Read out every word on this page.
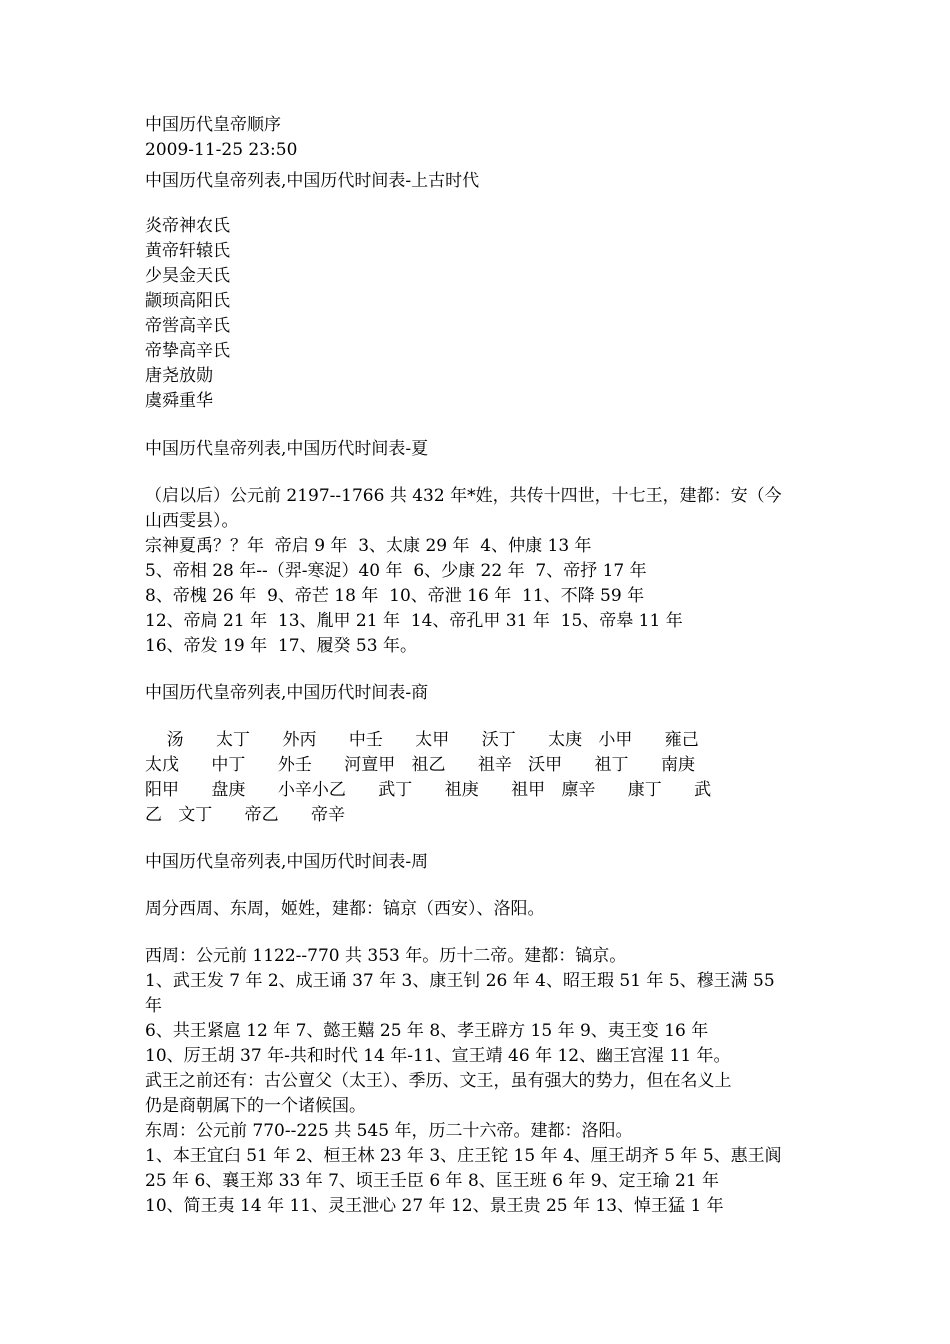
中国历代皇帝顺序

2009-11-25 23:50

中国历代皇帝列表,中国历代时间表-上古时代

炎帝神农氏

黄帝轩辕氏

少昊金天氏

颛顼高阳氏

帝喾高辛氏

帝挚高辛氏

唐尧放勋

虞舜重华

中国历代皇帝列表,中国历代时间表-夏

（启以后）公元前 2197--1766 共 432 年*姓，共传十四世，十七王，建都：安（今

山西雯县）。

宗神夏禹？？年  帝启 9 年  3、太康 29 年  4、仲康 13 年

5、帝相 28 年--（羿-寒浞）40 年  6、少康 22 年  7、帝抒 17 年

8、帝槐 26 年  9、帝芒 18 年  10、帝泄 16 年  11、不降 59 年

12、帝扃 21 年  13、胤甲 21 年  14、帝孔甲 31 年  15、帝皋 11 年

16、帝发 19 年  17、履癸 53 年。

中国历代皇帝列表,中国历代时间表-商

汤      太丁      外丙      中壬      太甲      沃丁      太庚   小甲      雍己

太戊      中丁      外壬      河亶甲   祖乙      祖辛   沃甲      祖丁      南庚

阳甲      盘庚      小辛小乙      武丁      祖庚      祖甲   廪辛      康丁      武

乙   文丁      帝乙      帝辛

中国历代皇帝列表,中国历代时间表-周

周分西周、东周，姬姓，建都：镐京（西安）、洛阳。

西周：公元前 1122--770 共 353 年。历十二帝。建都：镐京。

1、武王发 7 年 2、成王诵 37 年 3、康王钊 26 年 4、昭王瑕 51 年 5、穆王满 55

年

6、共王紧扈 12 年 7、懿王囏 25 年 8、孝王辟方 15 年 9、夷王变 16 年

10、厉王胡 37 年-共和时代 14 年-11、宣王靖 46 年 12、幽王宫湦 11 年。

武王之前还有：古公亶父（太王）、季历、文王，虽有强大的势力，但在名义上

仍是商朝属下的一个诸候国。

东周：公元前 770--225 共 545 年，历二十六帝。建都：洛阳。

1、本王宜臼 51 年 2、桓王林 23 年 3、庄王铊 15 年 4、厘王胡齐 5 年 5、惠王阆

25 年 6、襄王郑 33 年 7、顷王壬臣 6 年 8、匡王班 6 年 9、定王瑜 21 年

10、简王夷 14 年 11、灵王泄心 27 年 12、景王贵 25 年 13、悼王猛 1 年
